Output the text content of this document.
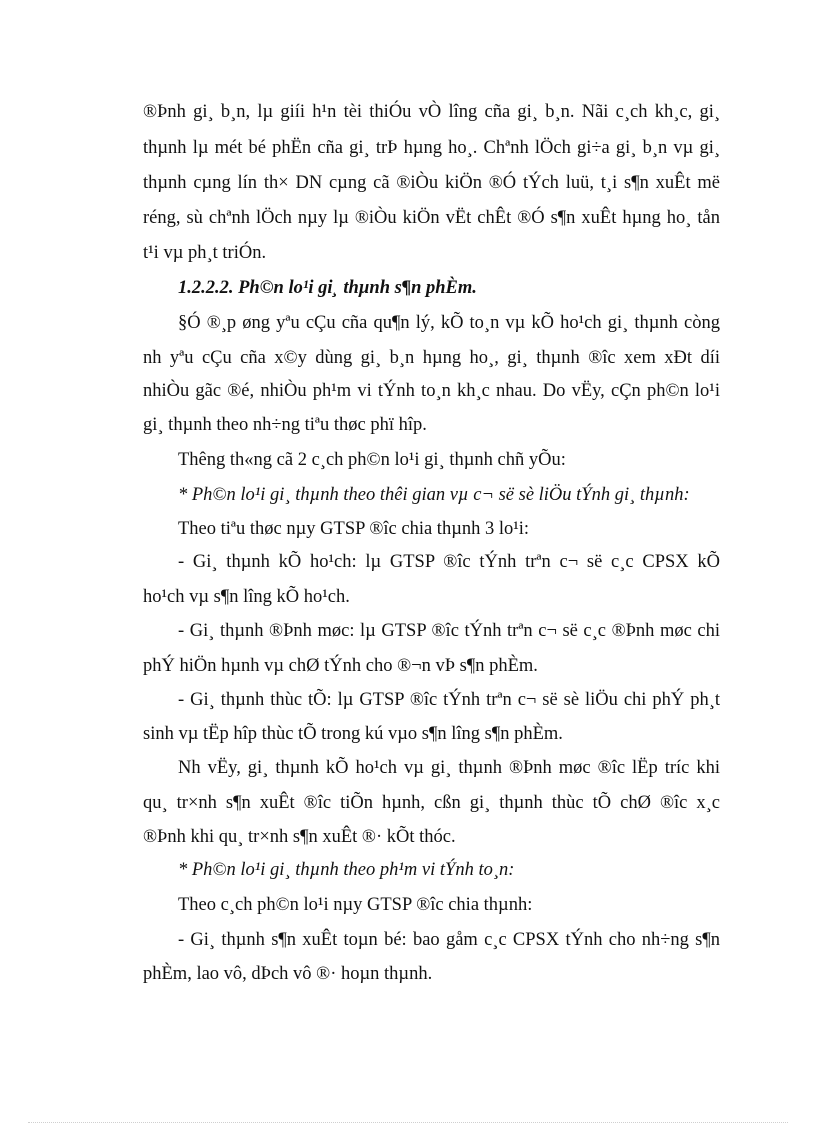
®Þnh gi¸ b¸n, lµ giíi h¹n tèi thiÓu vÒ lîng cña gi¸ b¸n. Nãi c¸ch kh¸c, gi¸
thµnh lµ mét bé phËn cña gi¸ trÞ hµng ho¸. Chªnh lÖch gi÷a gi¸ b¸n vµ gi¸
thµnh cµng lín th× DN cµng cã ®iÒu kiÖn ®Ó tÝch luü, t¸i s¶n xuÊt më
réng, sù chªnh lÖch nµy lµ ®iÒu kiÖn vËt chÊt ®Ó s¶n xuÊt hµng ho¸ tån
t¹i vµ ph¸t triÓn.
1.2.2.2. Ph©n lo¹i gi¸ thµnh s¶n phÈm.
§Ó ®¸p øng yªu cÇu cña qu¶n lý, kÕ to¸n vµ kÕ ho¹ch gi¸ thµnh còng
nh yªu cÇu cña x©y dùng gi¸ b¸n hµng ho¸, gi¸ thµnh ®îc xem xÐt díi
nhiÒu gãc ®é, nhiÒu ph¹m vi tÝnh to¸n kh¸c nhau. Do vËy, cÇn ph©n lo¹i
gi¸ thµnh theo nh÷ng tiªu thøc phï hîp.
Thêng th«ng cã 2 c¸ch ph©n lo¹i gi¸ thµnh chñ yÕu:
* Ph©n lo¹i gi¸ thµnh theo thêi gian vµ c¬ së sè liÖu tÝnh gi¸ thµnh:
Theo tiªu thøc nµy GTSP ®îc chia thµnh 3 lo¹i:
- Gi¸ thµnh kÕ ho¹ch: lµ GTSP ®îc tÝnh trªn c¬ së c¸c CPSX kÕ
ho¹ch vµ s¶n lîng kÕ ho¹ch.
- Gi¸ thµnh ®Þnh møc: lµ GTSP ®îc tÝnh trªn c¬ së c¸c ®Þnh møc chi
phÝ hiÖn hµnh vµ chØ tÝnh cho ®¬n vÞ s¶n phÈm.
- Gi¸ thµnh thùc tÕ: lµ GTSP ®îc tÝnh trªn c¬ së sè liÖu chi phÝ ph¸t
sinh vµ tËp hîp thùc tÕ trong kú vµo s¶n lîng s¶n phÈm.
Nh vËy, gi¸ thµnh kÕ ho¹ch vµ gi¸ thµnh ®Þnh møc ®îc lËp tríc khi
qu¸ tr×nh s¶n xuÊt ®îc tiÕn hµnh, cßn gi¸ thµnh thùc tÕ chØ ®îc x¸c
®Þnh khi qu¸ tr×nh s¶n xuÊt ®· kÕt thóc.
* Ph©n lo¹i gi¸ thµnh theo ph¹m vi tÝnh to¸n:
Theo c¸ch ph©n lo¹i nµy GTSP ®îc chia thµnh:
- Gi¸ thµnh s¶n xuÊt toµn bé: bao gåm c¸c CPSX tÝnh cho nh÷ng s¶n
phÈm, lao vô, dÞch vô ®· hoµn thµnh.
